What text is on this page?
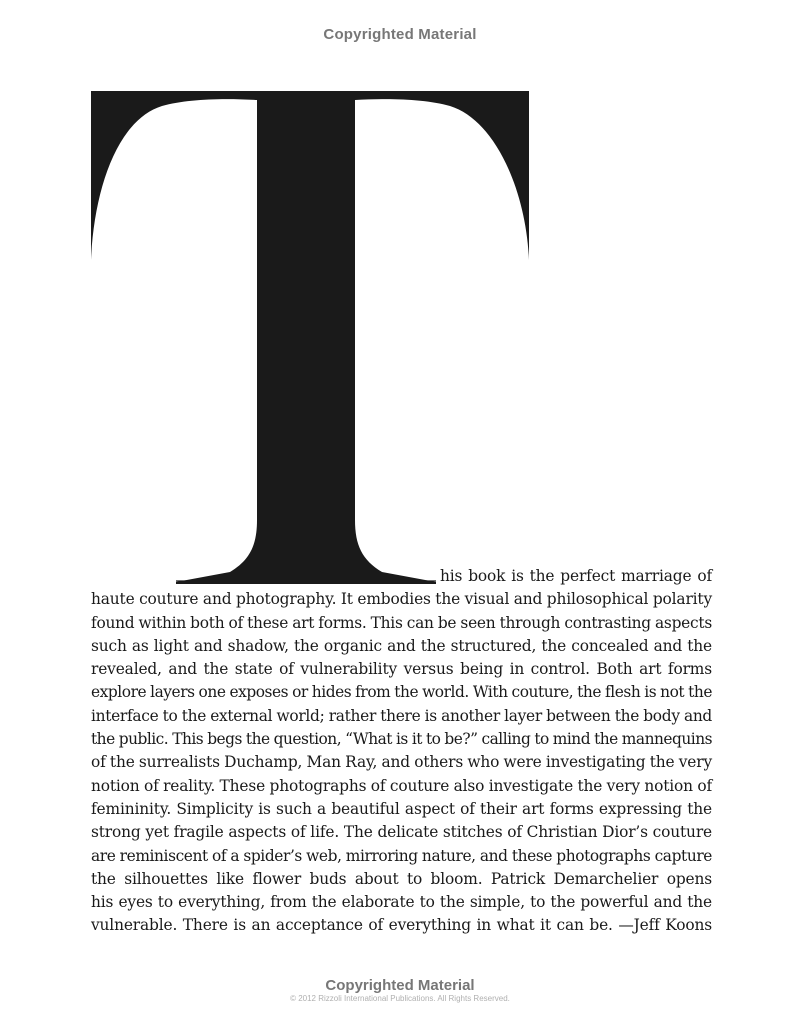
Copyrighted Material
his book is the perfect marriage of
haute couture and photography. It embodies the visual and philosophical polarity
found within both of these art forms. This can be seen through contrasting aspects
such as light and shadow, the organic and the structured, the concealed and the
revealed, and the state of vulnerability versus being in control. Both art forms
explore layers one exposes or hides from the world. With couture, the flesh is not the
interface to the external world; rather there is another layer between the body and
the public. This begs the question, “What is it to be?” calling to mind the mannequins
of the surrealists Duchamp, Man Ray, and others who were investigating the very
notion of reality. These photographs of couture also investigate the very notion of
femininity. Simplicity is such a beautiful aspect of their art forms expressing the
strong yet fragile aspects of life. The delicate stitches of Christian Dior’s couture
are reminiscent of a spider’s web, mirroring nature, and these photographs capture
the silhouettes like flower buds about to bloom. Patrick Demarchelier opens
his eyes to everything, from the elaborate to the simple, to the powerful and the
vulnerable. There is an acceptance of everything in what it can be. —Jeff Koons
Copyrighted Material
© 2012 Rizzoli International Publications. All Rights Reserved.
